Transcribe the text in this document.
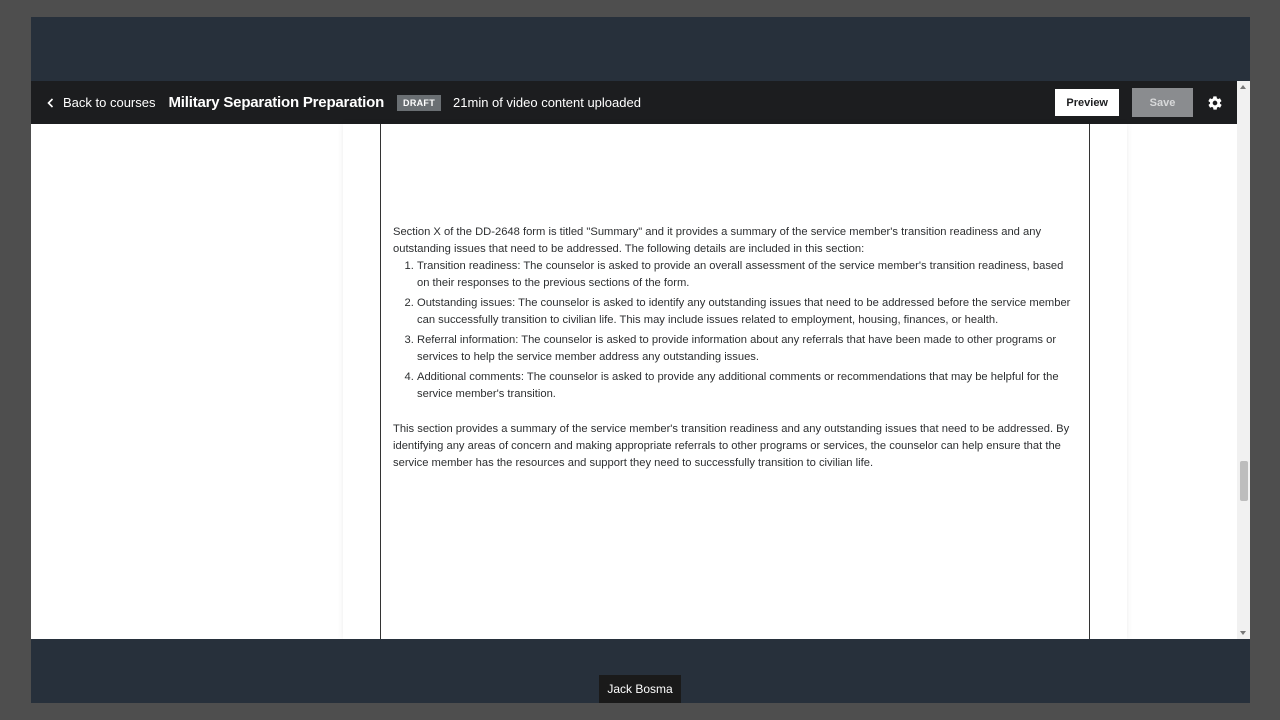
Back to courses Military Separation Preparation	DRAFT	21min of video content uploaded	Preview	Save

Section X of the DD-2648 form is titled "Summary" and it provides a summary of the service member's transition readiness and any outstanding issues that need to be addressed. The following details are included in this section:

1. Transition readiness: The counselor is asked to provide an overall assessment of the service member's transition readiness, based on their responses to the previous sections of the form.
2. Outstanding issues: The counselor is asked to identify any outstanding issues that need to be addressed before the service member can successfully transition to civilian life. This may include issues related to employment, housing, finances, or health.
3. Referral information: The counselor is asked to provide information about any referrals that have been made to other programs or services to help the service member address any outstanding issues.
4. Additional comments: The counselor is asked to provide any additional comments or recommendations that may be helpful for the service member's transition.

This section provides a summary of the service member's transition readiness and any outstanding issues that need to be addressed. By identifying any areas of concern and making appropriate referrals to other programs or services, the counselor can help ensure that the service member has the resources and support they need to successfully transition to civilian life.

Jack Bosma
